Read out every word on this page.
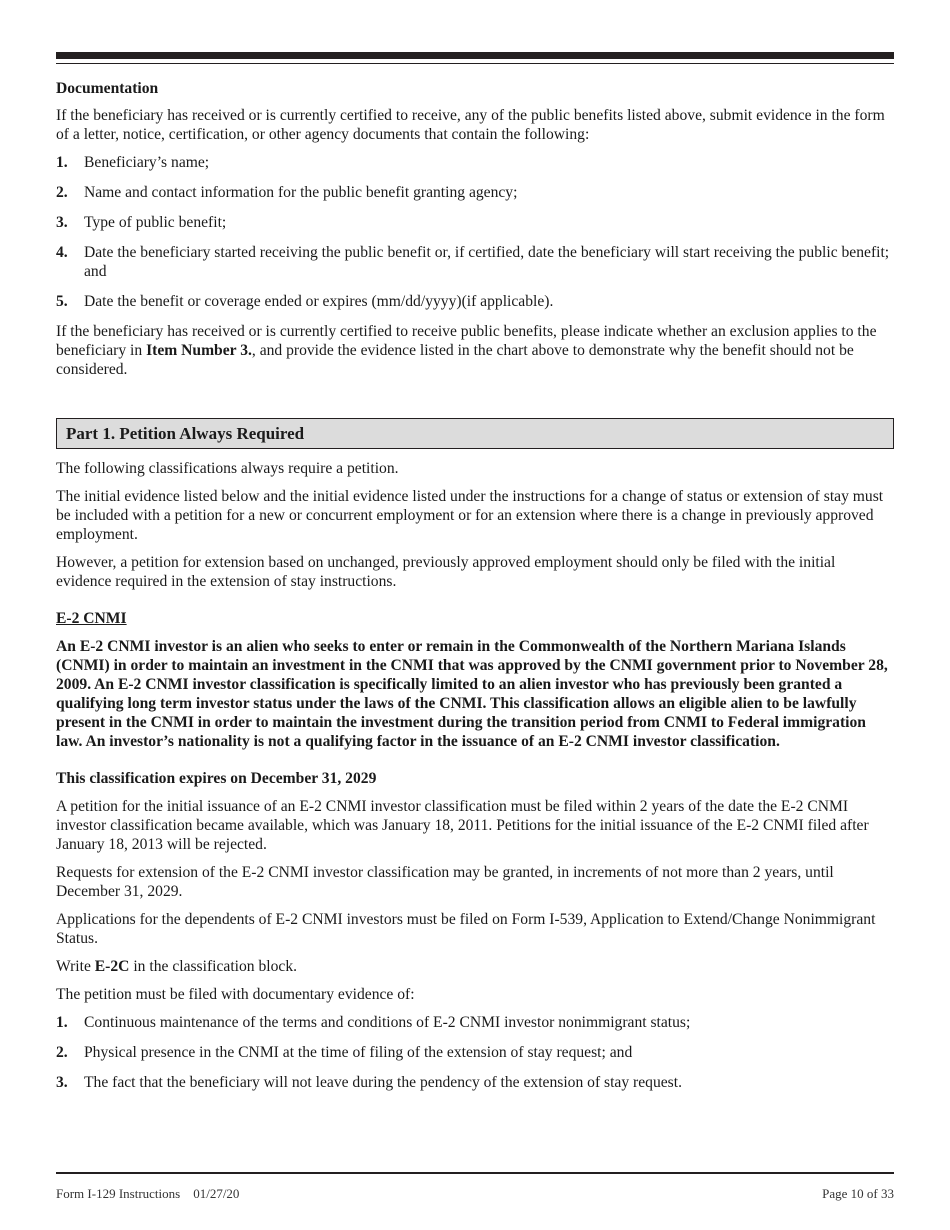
Documentation

If the beneficiary has received or is currently certified to receive, any of the public benefits listed above, submit evidence in the form of a letter, notice, certification, or other agency documents that contain the following:

1. Beneficiary’s name;
2. Name and contact information for the public benefit granting agency;
3. Type of public benefit;
4. Date the beneficiary started receiving the public benefit or, if certified, date the beneficiary will start receiving the public benefit; and
5. Date the benefit or coverage ended or expires (mm/dd/yyyy)(if applicable).

If the beneficiary has received or is currently certified to receive public benefits, please indicate whether an exclusion applies to the beneficiary in Item Number 3., and provide the evidence listed in the chart above to demonstrate why the benefit should not be considered.

Part 1. Petition Always Required

The following classifications always require a petition.

The initial evidence listed below and the initial evidence listed under the instructions for a change of status or extension of stay must be included with a petition for a new or concurrent employment or for an extension where there is a change in previously approved employment.

However, a petition for extension based on unchanged, previously approved employment should only be filed with the initial evidence required in the extension of stay instructions.

E-2 CNMI

An E-2 CNMI investor is an alien who seeks to enter or remain in the Commonwealth of the Northern Mariana Islands (CNMI) in order to maintain an investment in the CNMI that was approved by the CNMI government prior to November 28, 2009. An E-2 CNMI investor classification is specifically limited to an alien investor who has previously been granted a qualifying long term investor status under the laws of the CNMI. This classification allows an eligible alien to be lawfully present in the CNMI in order to maintain the investment during the transition period from CNMI to Federal immigration law. An investor’s nationality is not a qualifying factor in the issuance of an E-2 CNMI investor classification.

This classification expires on December 31, 2029

A petition for the initial issuance of an E-2 CNMI investor classification must be filed within 2 years of the date the E-2 CNMI investor classification became available, which was January 18, 2011. Petitions for the initial issuance of the E-2 CNMI filed after January 18, 2013 will be rejected.

Requests for extension of the E-2 CNMI investor classification may be granted, in increments of not more than 2 years, until December 31, 2029.

Applications for the dependents of E-2 CNMI investors must be filed on Form I-539, Application to Extend/Change Nonimmigrant Status.

Write E-2C in the classification block.

The petition must be filed with documentary evidence of:

1. Continuous maintenance of the terms and conditions of E-2 CNMI investor nonimmigrant status;
2. Physical presence in the CNMI at the time of filing of the extension of stay request; and
3. The fact that the beneficiary will not leave during the pendency of the extension of stay request.
Form I-129 Instructions    01/27/20	Page 10 of 33
